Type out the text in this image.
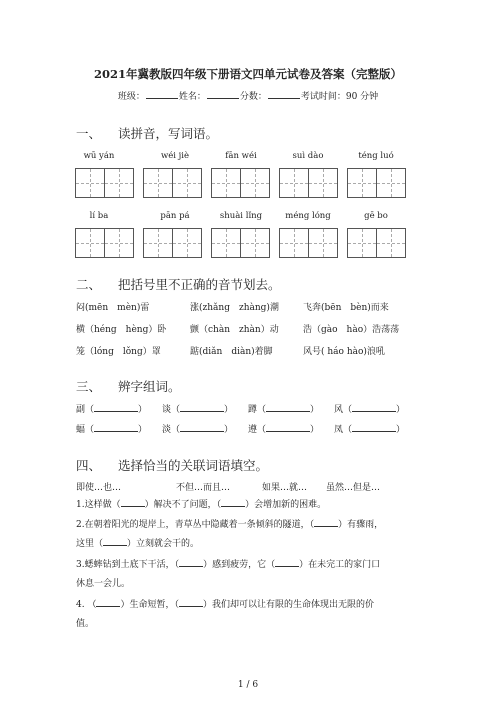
2021年冀教版四年级下册语文四单元试卷及答案（完整版）
班级：	姓名：	分数：	考试时间：90 分钟
一、 读拼音，写词语。
wū yán	wéi jiè	fān wéi	suì dào	téng luó
lí ba	pān pá	shuài lǐng	méng lóng	gē bo
二、 把括号里不正确的音节划去。
闷(mēn　mèn)雷	涨(zhǎng　zhàng)潮	飞奔(bēn　bèn)而来
横（héng　hèng）卧	颤（chàn　zhàn）动	浩（gào　hào）浩荡荡
笼（lóng　lǒng）罩	踮(diǎn　diàn)着脚	风号( háo hào)浪吼
三、 辨字组词。
副（	） 谈（	） 蹲（	） 风（	）
蝠（	） 淡（	） 遵（	） 凤（	）
四、 选择恰当的关联词语填空。
即使…也…	不但…而且…	如果…就… 虽然…但是…
1.这样做（	）解决不了问题，（	）会增加新的困难。
2.在朝着阳光的堤岸上，青草丛中隐藏着一条倾斜的隧道，（	）有骤雨，
这里（	）立刻就会干的。
3.蟋蟀钻到土底下干活，（	）感到疲劳，它（	）在未完工的家门口
休息一会儿。
4. （	）生命短暂，（	）我们却可以让有限的生命体现出无限的价
值。
1 / 6
